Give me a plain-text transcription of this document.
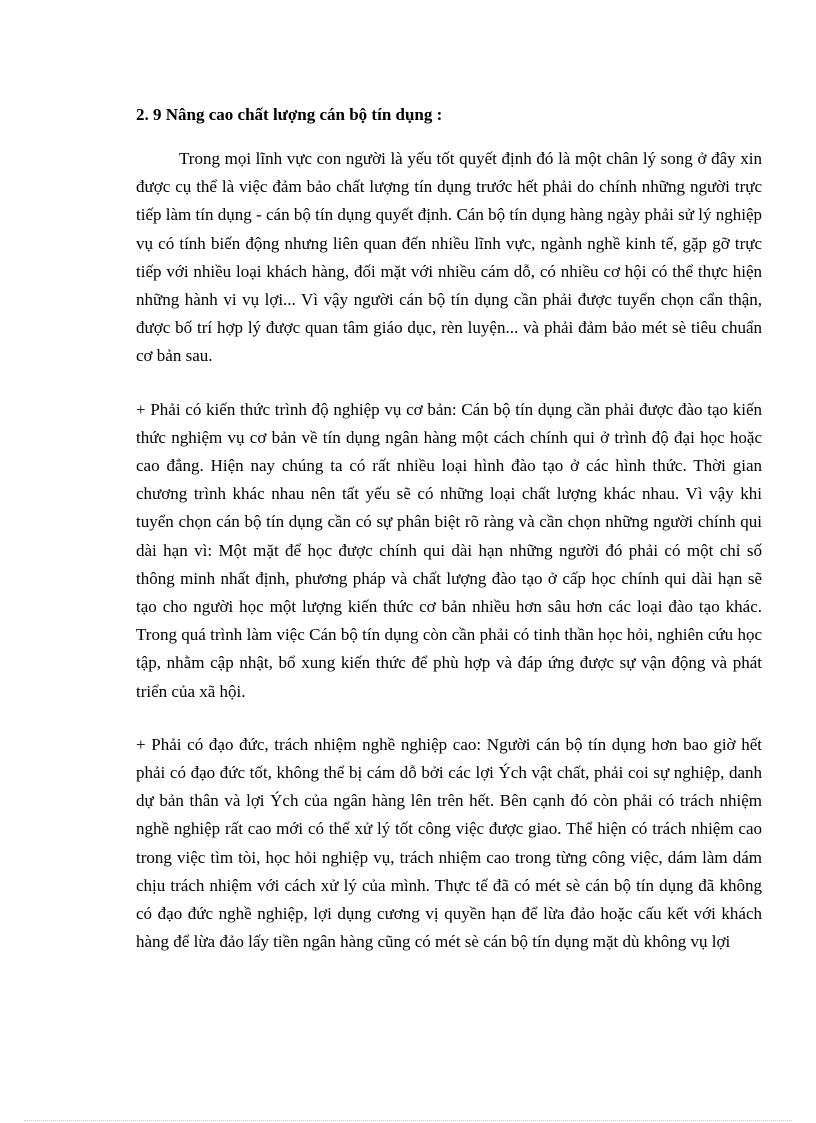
2. 9 Nâng cao chất lượng cán bộ tín dụng :

Trong mọi lĩnh vực con người là yếu tốt quyết định đó là một chân lý song ở đây xin được cụ thể là việc đảm bảo chất lượng tín dụng trước hết phải do chính những người trực tiếp làm tín dụng - cán bộ tín dụng quyết định. Cán bộ tín dụng hàng ngày phải sử lý nghiệp vụ có tính biến động nhưng liên quan đến nhiều lĩnh vực, ngành nghề kinh tế, gặp gỡ trực tiếp với nhiều loại khách hàng, đối mặt với nhiều cám dỗ, có nhiều cơ hội có thể thực hiện những hành vi vụ lợi... Vì vậy người cán bộ tín dụng cần phải được tuyển chọn cẩn thận, được bố trí hợp lý được quan tâm giáo dục, rèn luyện... và phải đảm bảo mét sè tiêu chuẩn cơ bản sau.

+ Phải có kiến thức trình độ nghiệp vụ cơ bản: Cán bộ tín dụng cần phải được đào tạo kiến thức nghiệm vụ cơ bản về tín dụng ngân hàng một cách chính qui ở trình độ đại học hoặc cao đẳng. Hiện nay chúng ta có rất nhiều loại hình đào tạo ở các hình thức. Thời gian chương trình khác nhau nên tất yếu sẽ có những loại chất lượng khác nhau. Vì vậy khi tuyển chọn cán bộ tín dụng cần có sự phân biệt rõ ràng và cần chọn những người chính qui dài hạn vì: Một mặt để học được chính qui dài hạn những người đó phải có một chỉ số thông minh nhất định, phương pháp và chất lượng đào tạo ở cấp học chính qui dài hạn sẽ tạo cho người học một lượng kiến thức cơ bản nhiều hơn sâu hơn các loại đào tạo khác. Trong quá trình làm việc Cán bộ tín dụng còn cần phải có tinh thần học hỏi, nghiên cứu học tập, nhằm cập nhật, bổ xung kiến thức để phù hợp và đáp ứng được sự vận động và phát triển của xã hội.

+ Phải có đạo đức, trách nhiệm nghề nghiệp cao: Người cán bộ tín dụng hơn bao giờ hết phải có đạo đức tốt, không thể bị cám dỗ bởi các lợi Ých vật chất, phải coi sự nghiệp, danh dự bản thân và lợi Ých của ngân hàng lên trên hết. Bên cạnh đó còn phải có trách nhiệm nghề nghiệp rất cao mới có thể xử lý tốt công việc được giao. Thể hiện có trách nhiệm cao trong việc tìm tòi, học hỏi nghiệp vụ, trách nhiệm cao trong từng công việc, dám làm dám chịu trách nhiệm với cách xử lý của mình. Thực tế đã có mét sè cán bộ tín dụng đã không có đạo đức nghề nghiệp, lợi dụng cương vị quyền hạn để lừa đảo hoặc cấu kết với khách hàng để lừa đảo lấy tiền ngân hàng cũng có mét sè cán bộ tín dụng mặt dù không vụ lợi
